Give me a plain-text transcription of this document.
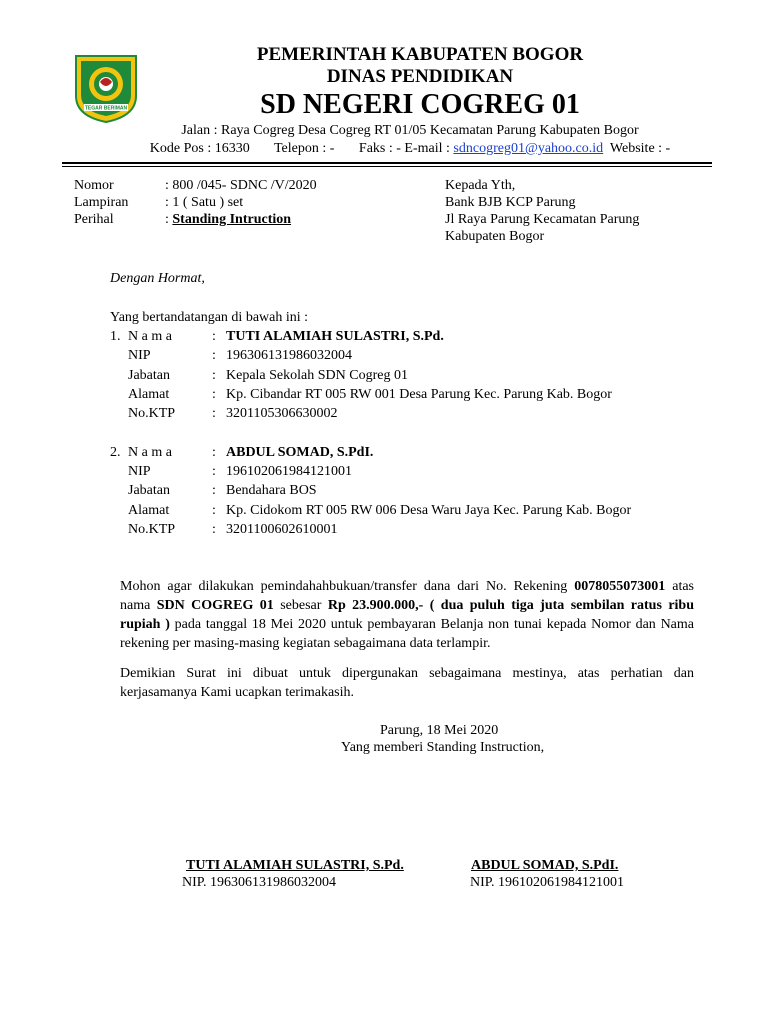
TEGAR BERIMAN
PEMERINTAH KABUPATEN BOGOR
DINAS PENDIDIKAN
SD NEGERI COGREG 01
Jalan : Raya Cogreg Desa Cogreg RT 01/05 Kecamatan Parung Kabupaten Bogor
Kode Pos : 16330       Telepon : -       Faks : - E-mail : sdncogreg01@yahoo.co.id  Website : -
Nomor	: 800 /045- SDNC /V/2020
Lampiran	: 1 ( Satu ) set
Perihal	: Standing Intruction
Kepada Yth,
Bank BJB KCP Parung
Jl Raya Parung Kecamatan Parung
Kabupaten Bogor
Dengan Hormat,
Yang bertandatangan di bawah ini :
1. N a m a	: TUTI ALAMIAH SULASTRI, S.Pd.
NIP	: 196306131986032004
Jabatan	: Kepala Sekolah SDN Cogreg 01
Alamat	: Kp. Cibandar RT 005 RW 001 Desa Parung Kec. Parung Kab. Bogor
No.KTP	: 3201105306630002
2. N a m a	: ABDUL SOMAD, S.PdI.
NIP	: 196102061984121001
Jabatan	: Bendahara BOS
Alamat	: Kp. Cidokom RT 005 RW 006 Desa Waru Jaya Kec. Parung Kab. Bogor
No.KTP	: 3201100602610001
Mohon agar dilakukan pemindahahbukuan/transfer dana dari No. Rekening 0078055073001 atas nama SDN COGREG 01 sebesar Rp 23.900.000,- ( dua puluh tiga juta sembilan ratus ribu rupiah ) pada tanggal 18 Mei 2020 untuk pembayaran Belanja non tunai kepada Nomor dan Nama rekening per masing-masing kegiatan sebagaimana data terlampir.
Demikian Surat ini dibuat untuk dipergunakan sebagaimana mestinya, atas perhatian dan kerjasamanya Kami ucapkan terimakasih.
Parung, 18 Mei 2020
Yang memberi Standing Instruction,
TUTI ALAMIAH SULASTRI, S.Pd.
NIP. 196306131986032004
ABDUL SOMAD, S.PdI.
NIP. 196102061984121001
